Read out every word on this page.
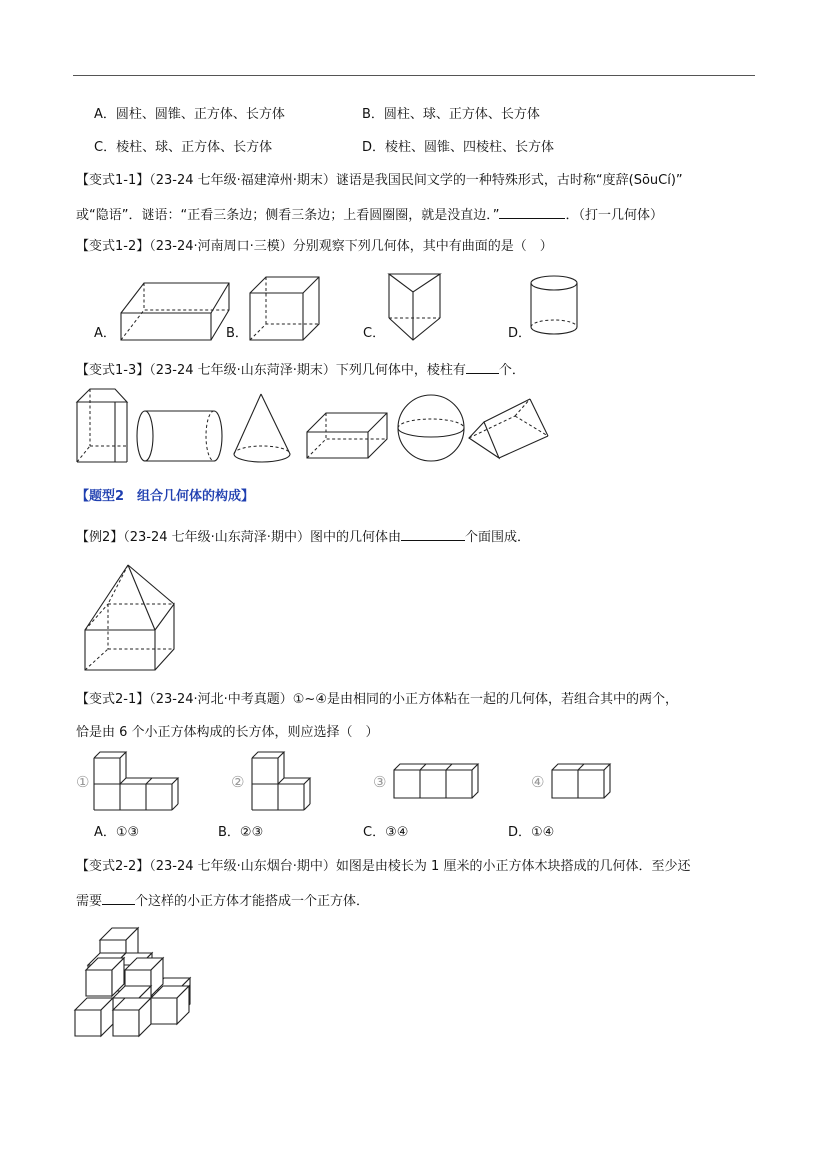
A．圆柱、圆锥、正方体、长方体	B．圆柱、球、正方体、长方体
C．棱柱、球、正方体、长方体	D．棱柱、圆锥、四棱柱、长方体
【变式1-1】（23-24 七年级·福建漳州·期末）谜语是我国民间文学的一种特殊形式，古时称“度辞(SōuCí)”
或“隐语”．谜语：“正看三条边；侧看三条边；上看圆圈圈，就是没直边．”	．（打一几何体）
【变式1-2】（23-24·河南周口·三模）分别观察下列几何体，其中有曲面的是（　）
A．	B．	C．	D．
【变式1-3】（23-24 七年级·山东菏泽·期末）下列几何体中，棱柱有	个．
【题型2　组合几何体的构成】
【例2】（23-24 七年级·山东菏泽·期中）图中的几何体由	个面围成．
【变式2-1】（23-24·河北·中考真题）①~④是由相同的小正方体粘在一起的几何体，若组合其中的两个，
恰是由 6 个小正方体构成的长方体，则应选择（　）
①	②	③	④
A．①③	B．②③	C．③④	D．①④
【变式2-2】（23-24 七年级·山东烟台·期中）如图是由棱长为 1 厘米的小正方体木块搭成的几何体．至少还
需要	个这样的小正方体才能搭成一个正方体．
